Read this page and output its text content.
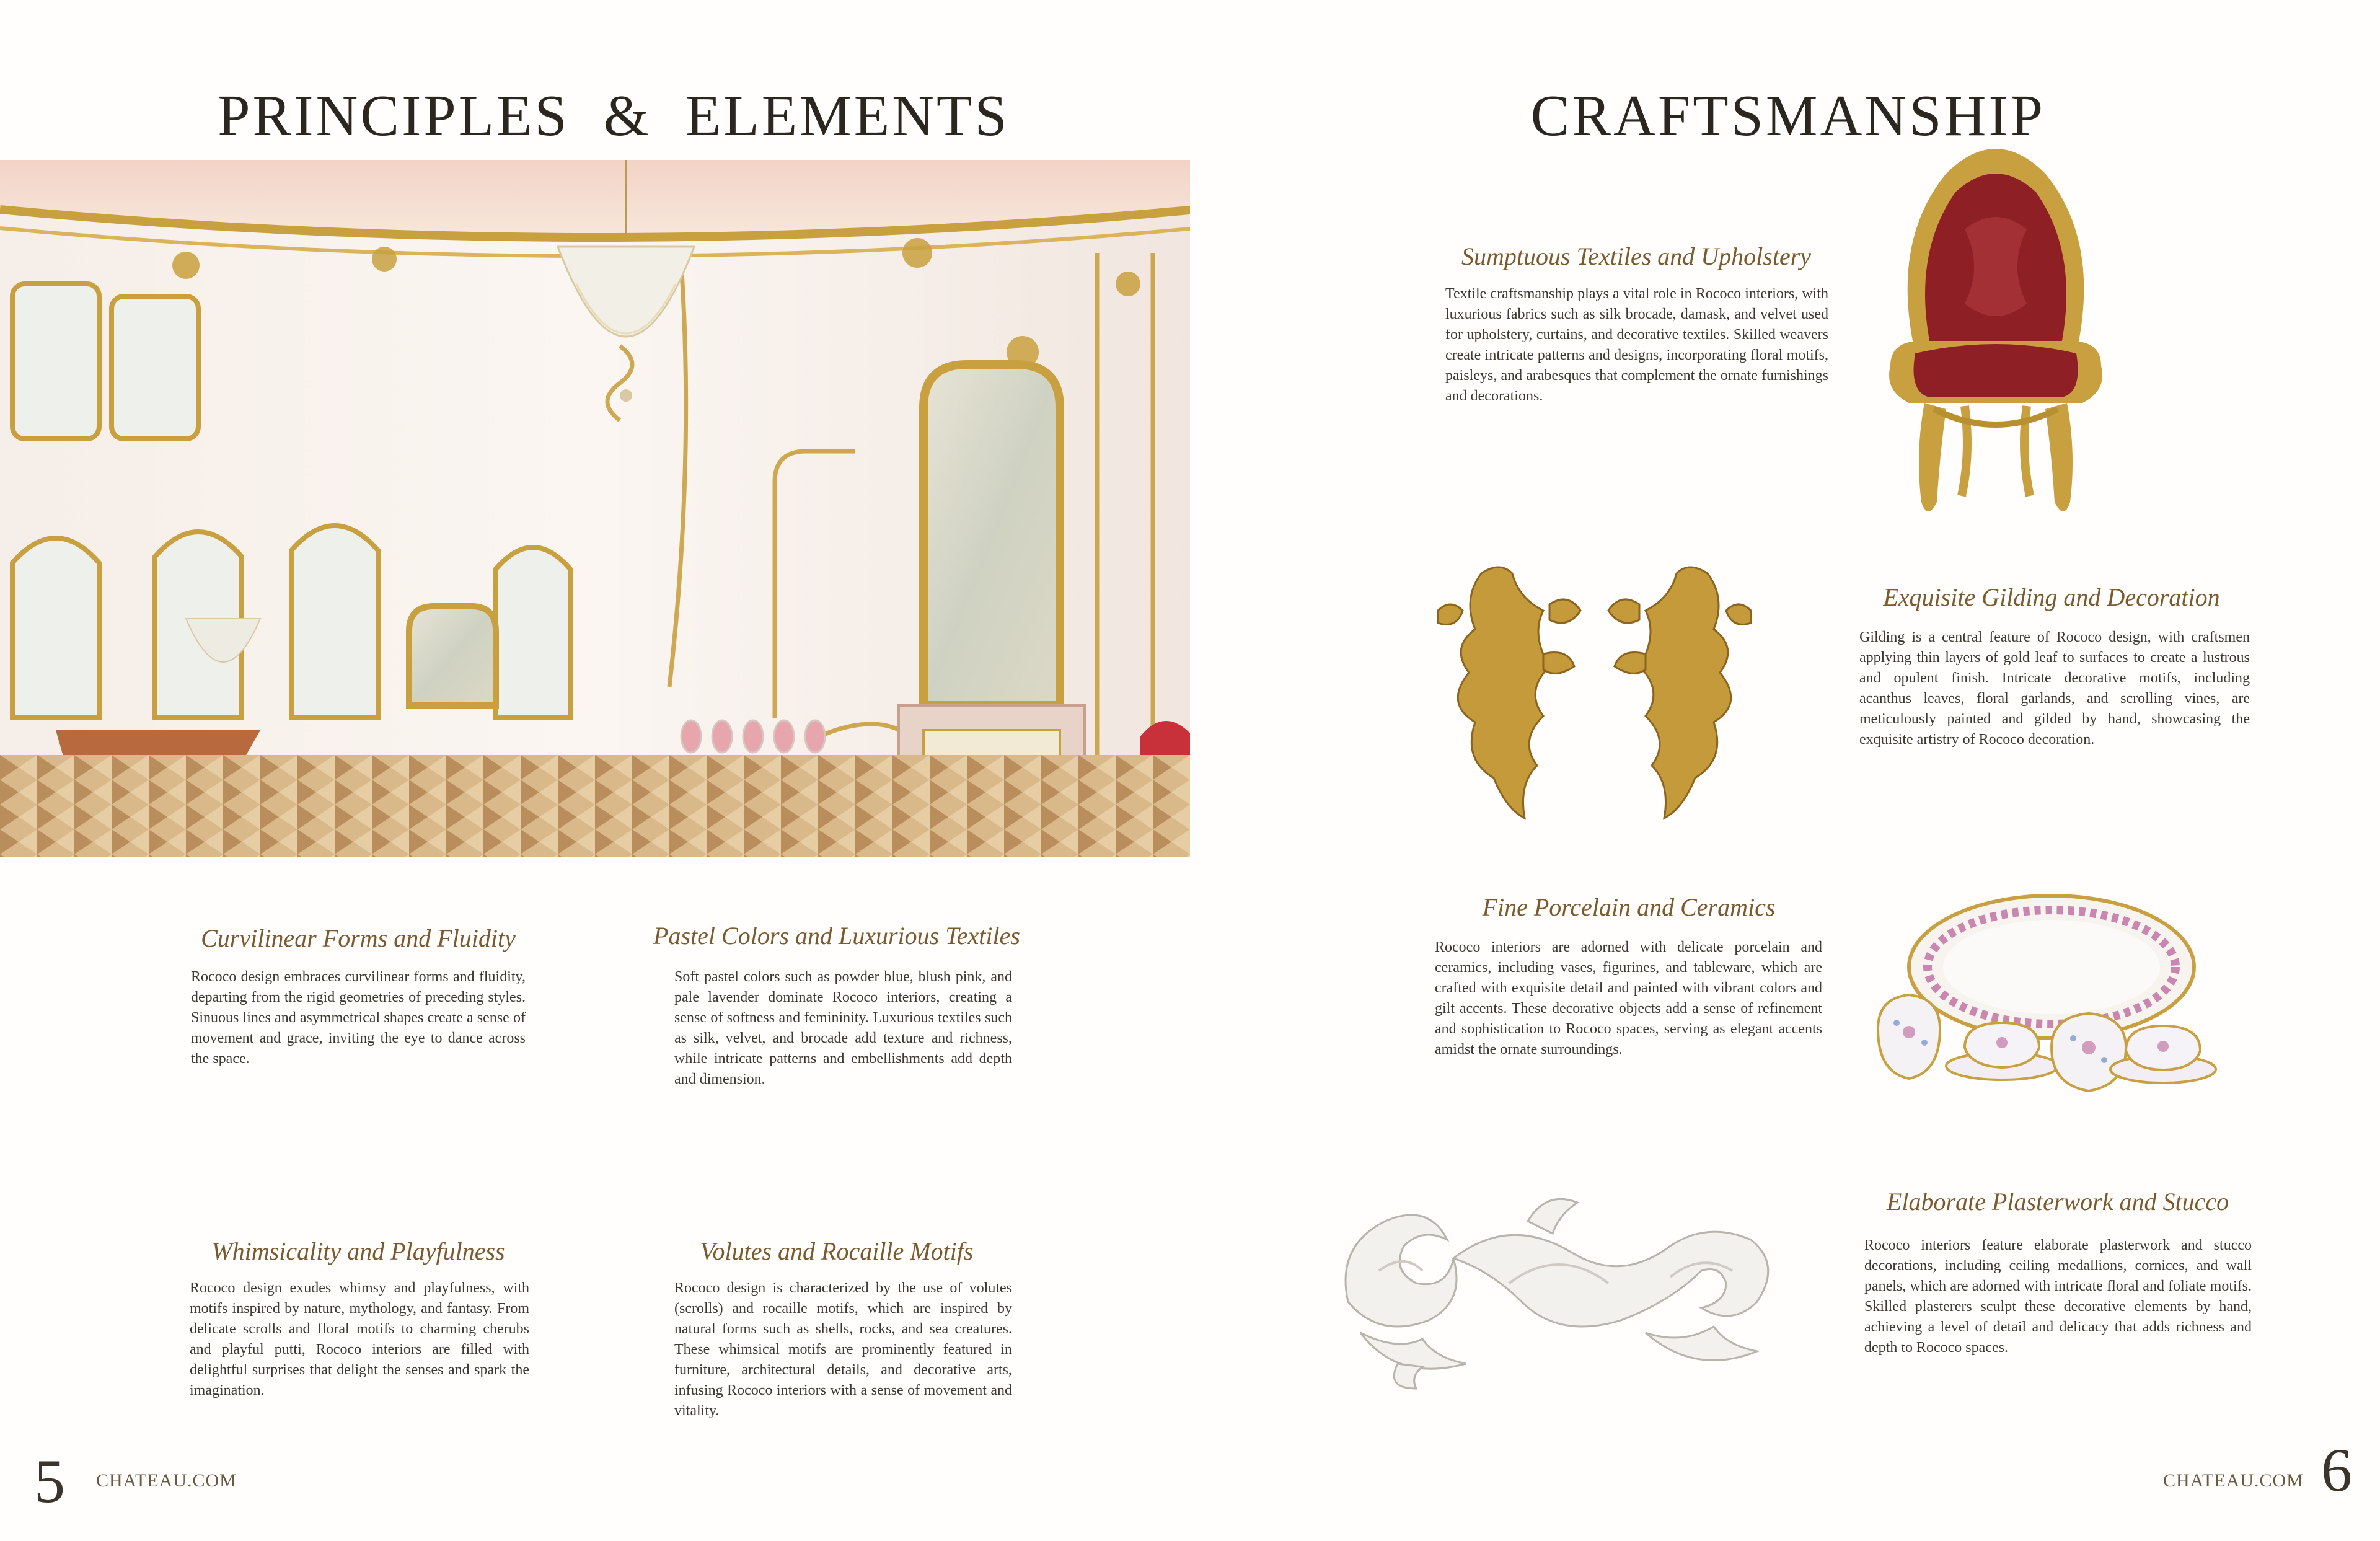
PRINCIPLES  &  ELEMENTS
Curvilinear Forms and Fluidity

Rococo design embraces curvilinear forms and fluidity, departing from the rigid geometries of preceding styles. Sinuous lines and asymmetrical shapes create a sense of movement and grace, inviting the eye to dance across the space.

Pastel Colors and Luxurious Textiles

Soft pastel colors such as powder blue, blush pink, and pale lavender dominate Rococo interiors, creating a sense of softness and femininity. Luxurious textiles such as silk, velvet, and brocade add texture and richness, while intricate patterns and embellishments add depth and dimension.

Whimsicality and Playfulness

Rococo design exudes whimsy and playfulness, with motifs inspired by nature, mythology, and fantasy. From delicate scrolls and floral motifs to charming cherubs and playful putti, Rococo interiors are filled with delightful surprises that delight the senses and spark the imagination.

Volutes and Rocaille Motifs

Rococo design is characterized by the use of volutes (scrolls) and rocaille motifs, which are inspired by natural forms such as shells, rocks, and sea creatures. These whimsical motifs are prominently featured in furniture, architectural details, and decorative arts, infusing Rococo interiors with a sense of movement and vitality.

5 CHATEAU.COM
CRAFTSMANSHIP
Sumptuous Textiles and Upholstery

Textile craftsmanship plays a vital role in Rococo interiors, with luxurious fabrics such as silk brocade, damask, and velvet used for upholstery, curtains, and decorative textiles. Skilled weavers create intricate patterns and designs, incorporating floral motifs, paisleys, and arabesques that complement the ornate furnishings and decorations.

Exquisite Gilding and Decoration

Gilding is a central feature of Rococo design, with craftsmen applying thin layers of gold leaf to surfaces to create a lustrous and opulent finish. Intricate decorative motifs, including acanthus leaves, floral garlands, and scrolling vines, are meticulously painted and gilded by hand, showcasing the exquisite artistry of Rococo decoration.

Fine Porcelain and Ceramics

Rococo interiors are adorned with delicate porcelain and ceramics, including vases, figurines, and tableware, which are crafted with exquisite detail and painted with vibrant colors and gilt accents. These decorative objects add a sense of refinement and sophistication to Rococo spaces, serving as elegant accents amidst the ornate surroundings.

Elaborate Plasterwork and Stucco

Rococo interiors feature elaborate plasterwork and stucco decorations, including ceiling medallions, cornices, and wall panels, which are adorned with intricate floral and foliate motifs. Skilled plasterers sculpt these decorative elements by hand, achieving a level of detail and delicacy that adds richness and depth to Rococo spaces.

CHATEAU.COM 6
